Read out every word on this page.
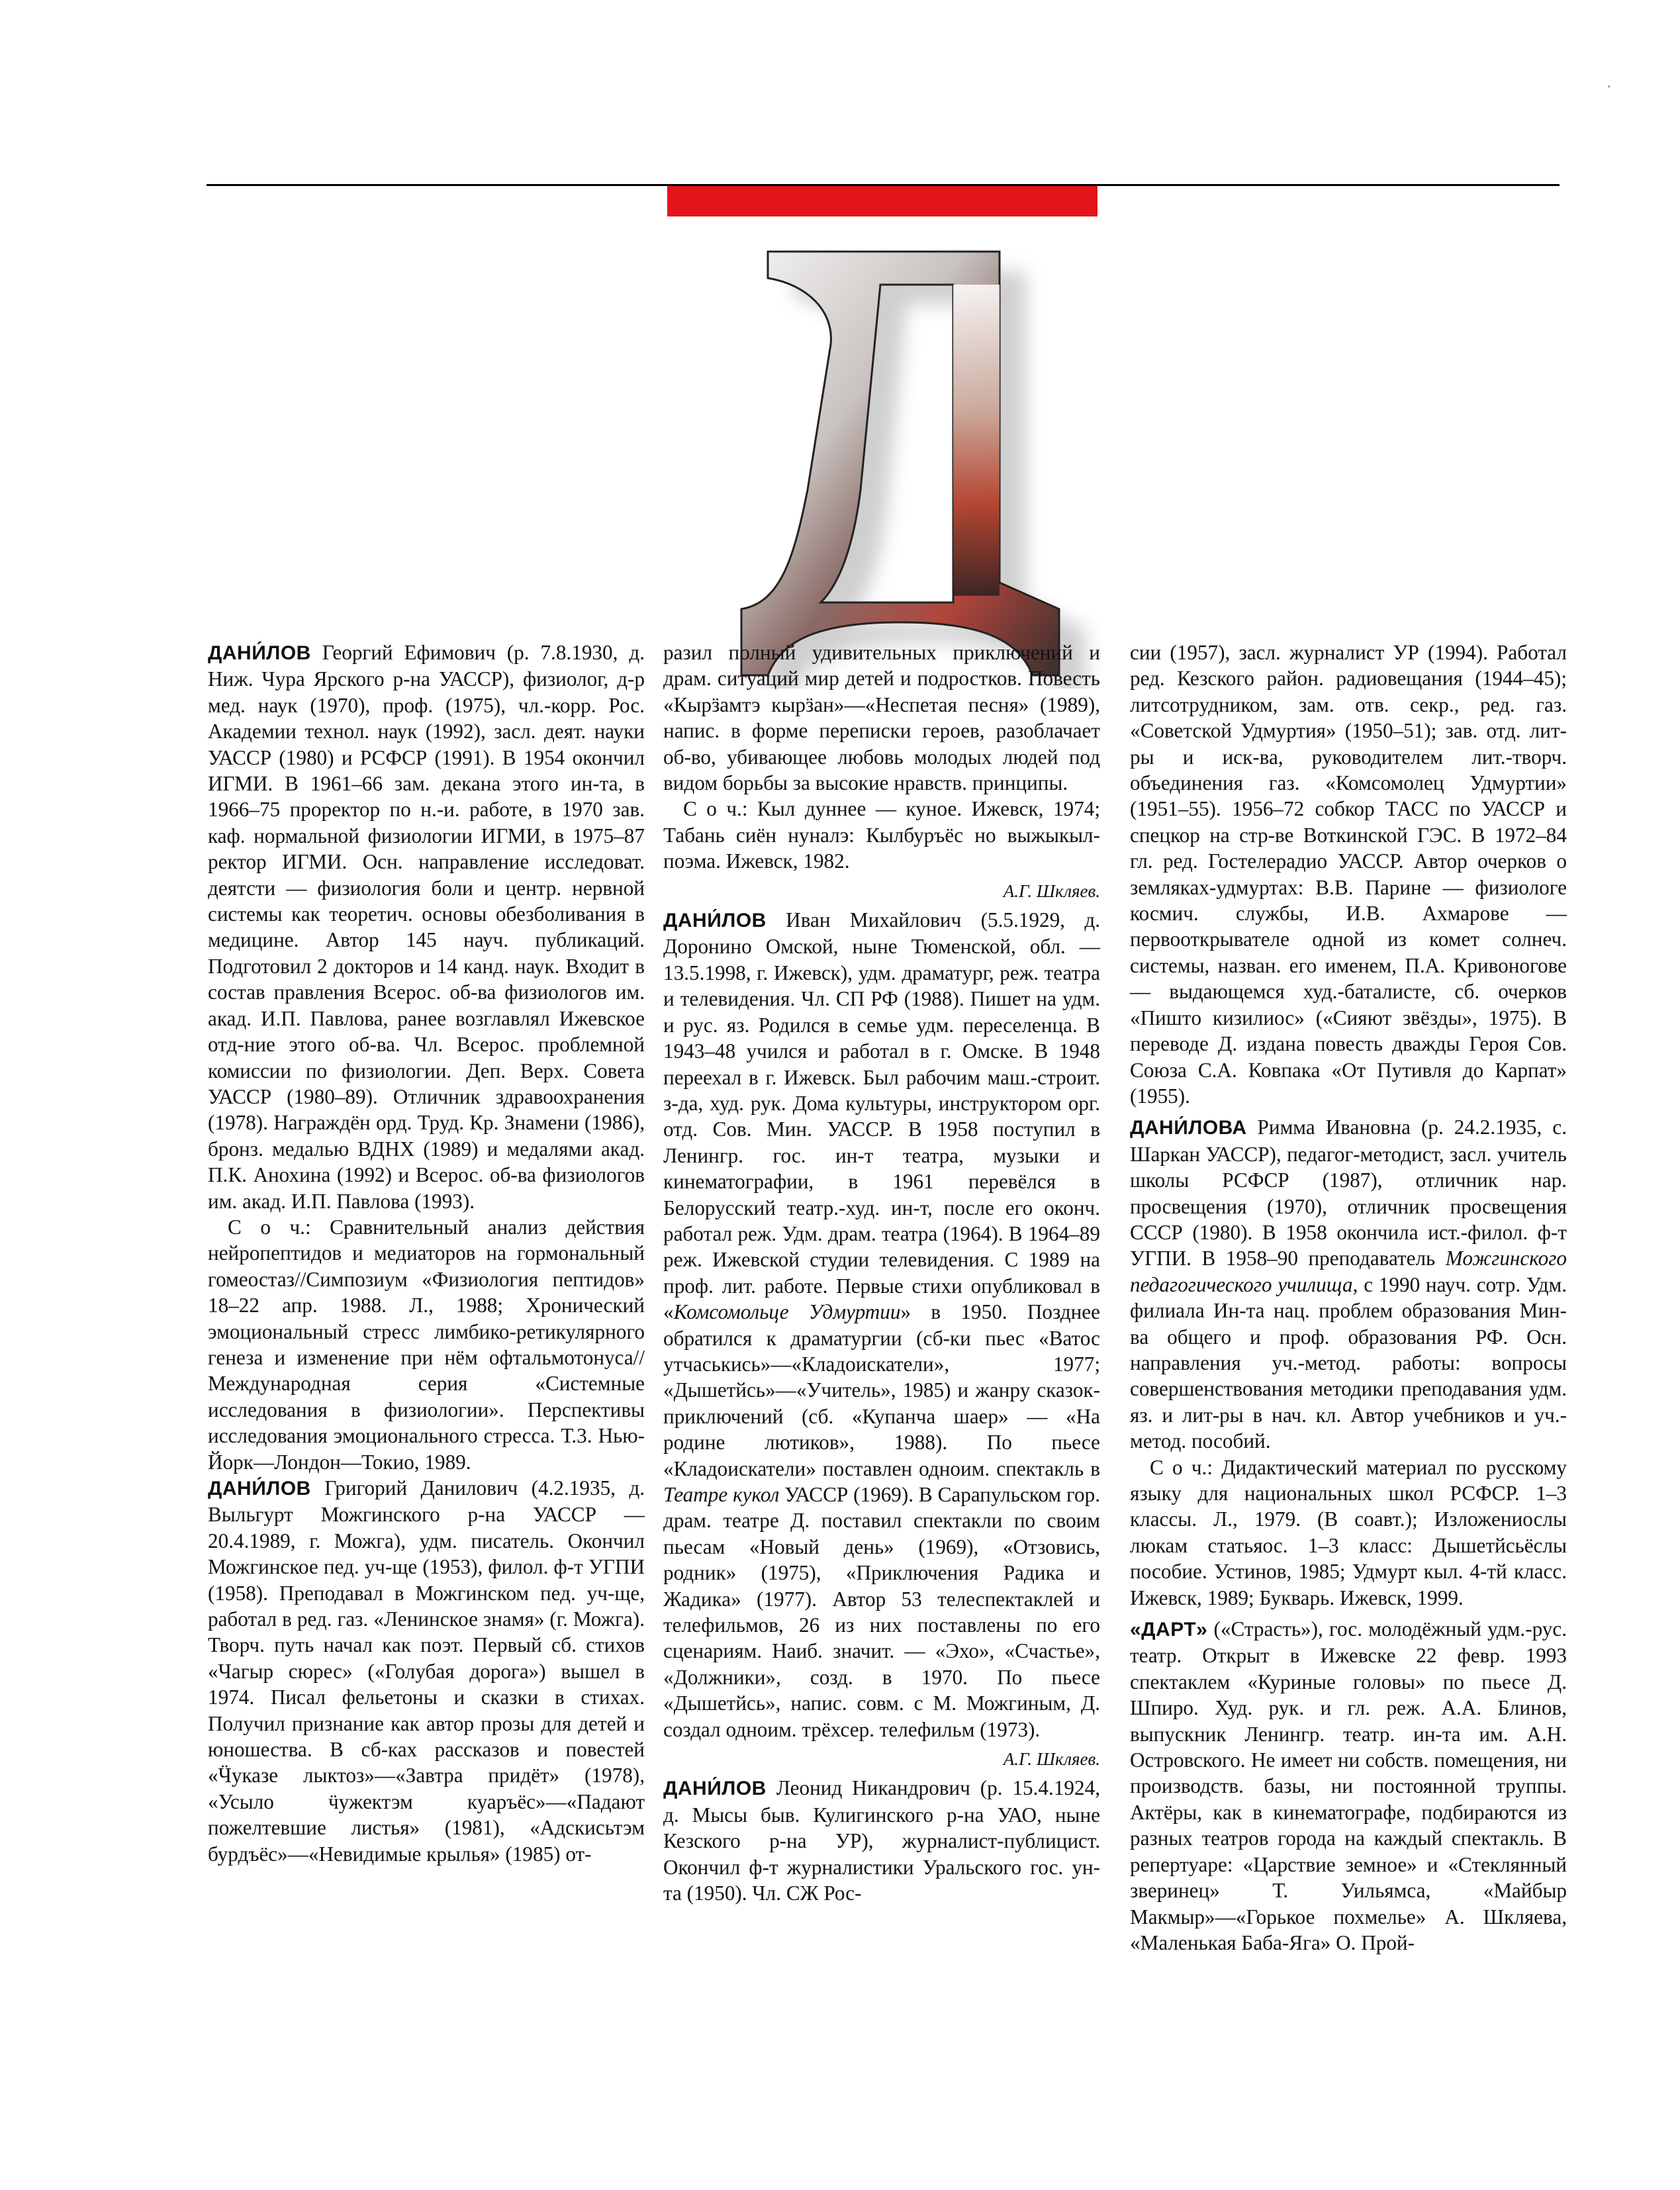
.

ДАНИ́ЛОВ Георгий Ефимович (р. 7.8.1930, д. Ниж. Чура Ярского р-на УАССР), физиолог, д-р мед. наук (1970), проф. (1975), чл.-корр. Рос. Академии технол. наук (1992), засл. деят. науки УАССР (1980) и РСФСР (1991). В 1954 окончил ИГМИ. В 1961–66 зам. декана этого ин-та, в 1966–75 проректор по н.-и. работе, в 1970 зав. каф. нормальной физиологии ИГМИ, в 1975–87 ректор ИГМИ. Осн. направление исследоват. деятсти — физиология боли и центр. нервной системы как теоретич. основы обезболивания в медицине. Автор 145 науч. публикаций. Подготовил 2 докторов и 14 канд. наук. Входит в состав правления Всерос. об-ва физиологов им. акад. И.П. Павлова, ранее возглавлял Ижевское отд-ние этого об-ва. Чл. Всерос. проблемной комиссии по физиологии. Деп. Верх. Совета УАССР (1980–89). Отличник здравоохранения (1978). Награждён орд. Труд. Кр. Знамени (1986), бронз. медалью ВДНХ (1989) и медалями акад. П.К. Анохина (1992) и Всерос. об-ва физиологов им. акад. И.П. Павлова (1993).

С о ч.: Сравнительный анализ действия нейропептидов и медиаторов на гормональный гомеостаз//Симпозиум «Физиология пептидов» 18–22 апр. 1988. Л., 1988; Хронический эмоциональный стресс лимбико-ретикулярного генеза и изменение при нём офтальмотонуса//Международная серия «Системные исследования в физиологии». Перспективы исследования эмоционального стресса. Т.3. Нью-Йорк—Лондон—Токио, 1989.

ДАНИ́ЛОВ Григорий Данилович (4.2.1935, д. Выльгурт Можгинского р-на УАССР — 20.4.1989, г. Можга), удм. писатель. Окончил Можгинское пед. уч-ще (1953), филол. ф-т УГПИ (1958). Преподавал в Можгинском пед. уч-ще, работал в ред. газ. «Ленинское знамя» (г. Можга). Творч. путь начал как поэт. Первый сб. стихов «Чагыр сюрес» («Голубая дорога») вышел в 1974. Писал фельетоны и сказки в стихах. Получил признание как автор прозы для детей и юношества. В сб-ках рассказов и повестей «Ӵуказе лыктоз»—«Завтра придёт» (1978), «Усыло ӵужектэм куаръёс»—«Падают пожелтевшие листья» (1981), «Адскисьтэм бурдъёс»—«Невидимые крылья» (1985) от-

разил полный удивительных приключений и драм. ситуаций мир детей и подростков. Повесть «Кырӟамтэ кырӟан»—«Неспетая песня» (1989), напис. в форме переписки героев, разоблачает об-во, убивающее любовь молодых людей под видом борьбы за высокие нравств. принципы.

С о ч.: Кыл дуннее — куное. Ижевск, 1974; Табань сиён нуналэ: Кылбуръёс но выжыкыл-поэма. Ижевск, 1982.

А.Г. Шкляев.

ДАНИ́ЛОВ Иван Михайлович (5.5.1929, д. Доронино Омской, ныне Тюменской, обл. — 13.5.1998, г. Ижевск), удм. драматург, реж. театра и телевидения. Чл. СП РФ (1988). Пишет на удм. и рус. яз. Родился в семье удм. переселенца. В 1943–48 учился и работал в г. Омске. В 1948 переехал в г. Ижевск. Был рабочим маш.-строит. з-да, худ. рук. Дома культуры, инструктором орг. отд. Сов. Мин. УАССР. В 1958 поступил в Ленингр. гос. ин-т театра, музыки и кинематографии, в 1961 перевёлся в Белорусский театр.-худ. ин-т, после его оконч. работал реж. Удм. драм. театра (1964). В 1964–89 реж. Ижевской студии телевидения. С 1989 на проф. лит. работе. Первые стихи опубликовал в «Комсомольце Удмуртии» в 1950. Позднее обратился к драматургии (сб-ки пьес «Ватос утчаськись»—«Кладоискатели», 1977; «Дышетйсь»—«Учитель», 1985) и жанру сказок-приключений (сб. «Купанча шаер» — «На родине лютиков», 1988). По пьесе «Кладоискатели» поставлен одноим. спектакль в Театре кукол УАССР (1969). В Сарапульском гор. драм. театре Д. поставил спектакли по своим пьесам «Новый день» (1969), «Отзовись, родник» (1975), «Приключения Радика и Жадика» (1977). Автор 53 телеспектаклей и телефильмов, 26 из них поставлены по его сценариям. Наиб. значит. — «Эхо», «Счастье», «Должники», созд. в 1970. По пьесе «Дышетйсь», напис. совм. с М. Можгиным, Д. создал одноим. трёхсер. телефильм (1973).

А.Г. Шкляев.

ДАНИ́ЛОВ Леонид Никандрович (р. 15.4.1924, д. Мысы быв. Кулигинского р-на УАО, ныне Кезского р-на УР), журналист-публицист. Окончил ф-т журналистики Уральского гос. ун-та (1950). Чл. СЖ Рос-

сии (1957), засл. журналист УР (1994). Работал ред. Кезского район. радиовещания (1944–45); литсотрудником, зам. отв. секр., ред. газ. «Советской Удмуртия» (1950–51); зав. отд. лит-ры и иск-ва, руководителем лит.-творч. объединения газ. «Комсомолец Удмуртии» (1951–55). 1956–72 собкор ТАСС по УАССР и спецкор на стр-ве Воткинской ГЭС. В 1972–84 гл. ред. Гостелерадио УАССР. Автор очерков о земляках-удмуртах: В.В. Парине — физиологе космич. службы, И.В. Ахмарове — первооткрывателе одной из комет солнеч. системы, назван. его именем, П.А. Кривоногове — выдающемся худ.-баталисте, сб. очерков «Пиштo кизилиос» («Сияют звёзды», 1975). В переводе Д. издана повесть дважды Героя Сов. Союза С.А. Ковпака «От Путивля до Карпат» (1955).

ДАНИ́ЛОВА Римма Ивановна (р. 24.2.1935, с. Шаркан УАССР), педагог-методист, засл. учитель школы РСФСР (1987), отличник нар. просвещения (1970), отличник просвещения СССР (1980). В 1958 окончила ист.-филол. ф-т УГПИ. В 1958–90 преподаватель Можгинского педагогического училища, с 1990 науч. сотр. Удм. филиала Ин-та нац. проблем образования Мин-ва общего и проф. образования РФ. Осн. направления уч.-метод. работы: вопросы совершенствования методики преподавания удм. яз. и лит-ры в нач. кл. Автор учебников и уч.-метод. пособий.

С о ч.: Дидактический материал по русскому языку для национальных школ РСФСР. 1–3 классы. Л., 1979. (В соавт.); Изложениослы люкам статьяос. 1–3 класс: Дышетйсьёслы пособие. Устинов, 1985; Удмурт кыл. 4-тй класс. Ижевск, 1989; Букварь. Ижевск, 1999.

«ДАРТ» («Страсть»), гос. молодёжный удм.-рус. театр. Открыт в Ижевске 22 февр. 1993 спектаклем «Куриные головы» по пьесе Д. Шпиро. Худ. рук. и гл. реж. А.А. Блинов, выпускник Ленингр. театр. ин-та им. А.Н. Островского. Не имеет ни собств. помещения, ни производств. базы, ни постоянной труппы. Актёры, как в кинематографе, подбираются из разных театров города на каждый спектакль. В репертуаре: «Царствие земное» и «Стеклянный зверинец» Т. Уильямса, «Майбыр Макмыр»—«Горькое похмелье» А. Шкляева, «Маленькая Баба-Яга» О. Прой-
